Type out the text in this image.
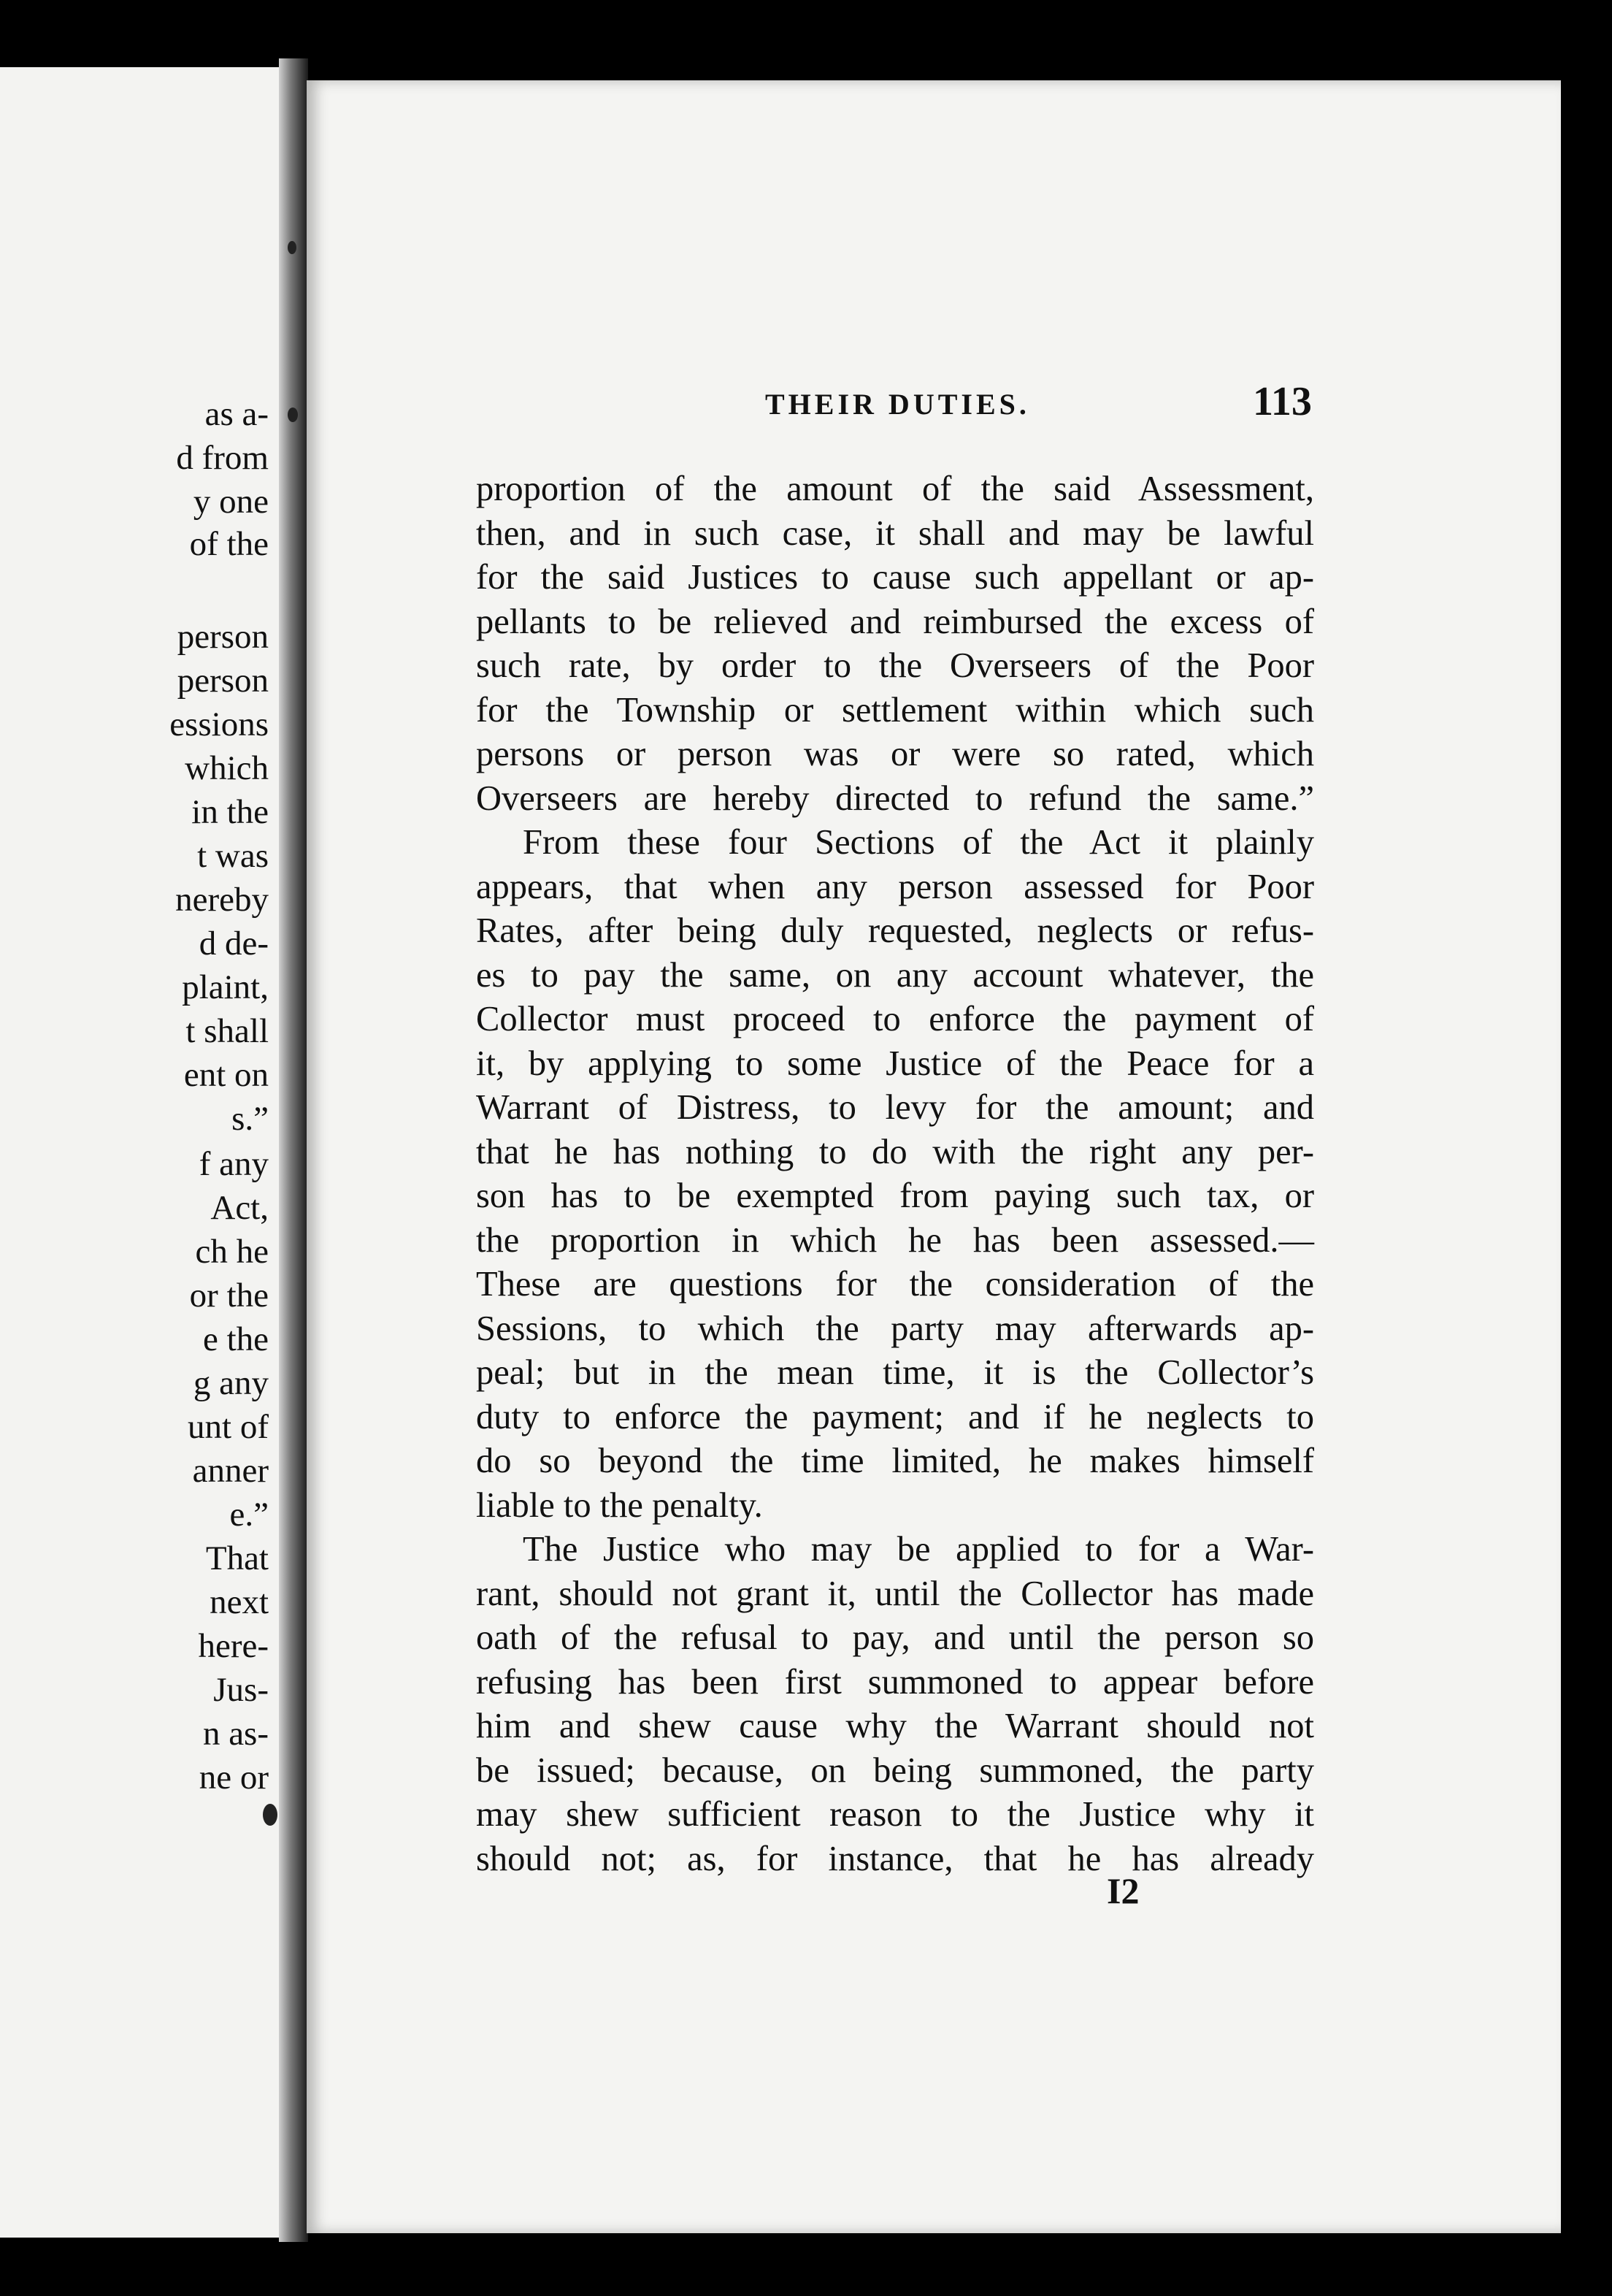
as a-
d from
y one
of the
person
person
essions
which
in the
t was
nereby
d de-
plaint,
t shall
ent on
s.”
f any
Act,
ch he
or the
e the
g any
unt of
anner
e.”
That
next
here-
Jus-
n as-
ne or
THEIR DUTIES.	113
proportion of the amount of the said Assessment,
then, and in such case, it shall and may be lawful
for the said Justices to cause such appellant or ap-
pellants to be relieved and reimbursed the excess of
such rate, by order to the Overseers of the Poor
for the Township or settlement within which such
persons or person was or were so rated, which
Overseers are hereby directed to refund the same.”
From these four Sections of the Act it plainly
appears, that when any person assessed for Poor
Rates, after being duly requested, neglects or refus-
es to pay the same, on any account whatever, the
Collector must proceed to enforce the payment of
it, by applying to some Justice of the Peace for a
Warrant of Distress, to levy for the amount; and
that he has nothing to do with the right any per-
son has to be exempted from paying such tax, or
the proportion in which he has been assessed.—
These are questions for the consideration of the
Sessions, to which the party may afterwards ap-
peal; but in the mean time, it is the Collector’s
duty to enforce the payment; and if he neglects to
do so beyond the time limited, he makes himself
liable to the penalty.
The Justice who may be applied to for a War-
rant, should not grant it, until the Collector has made
oath of the refusal to pay, and until the person so
refusing has been first summoned to appear before
him and shew cause why the Warrant should not
be issued; because, on being summoned, the party
may shew sufficient reason to the Justice why it
should not; as, for instance, that he has already
I2
